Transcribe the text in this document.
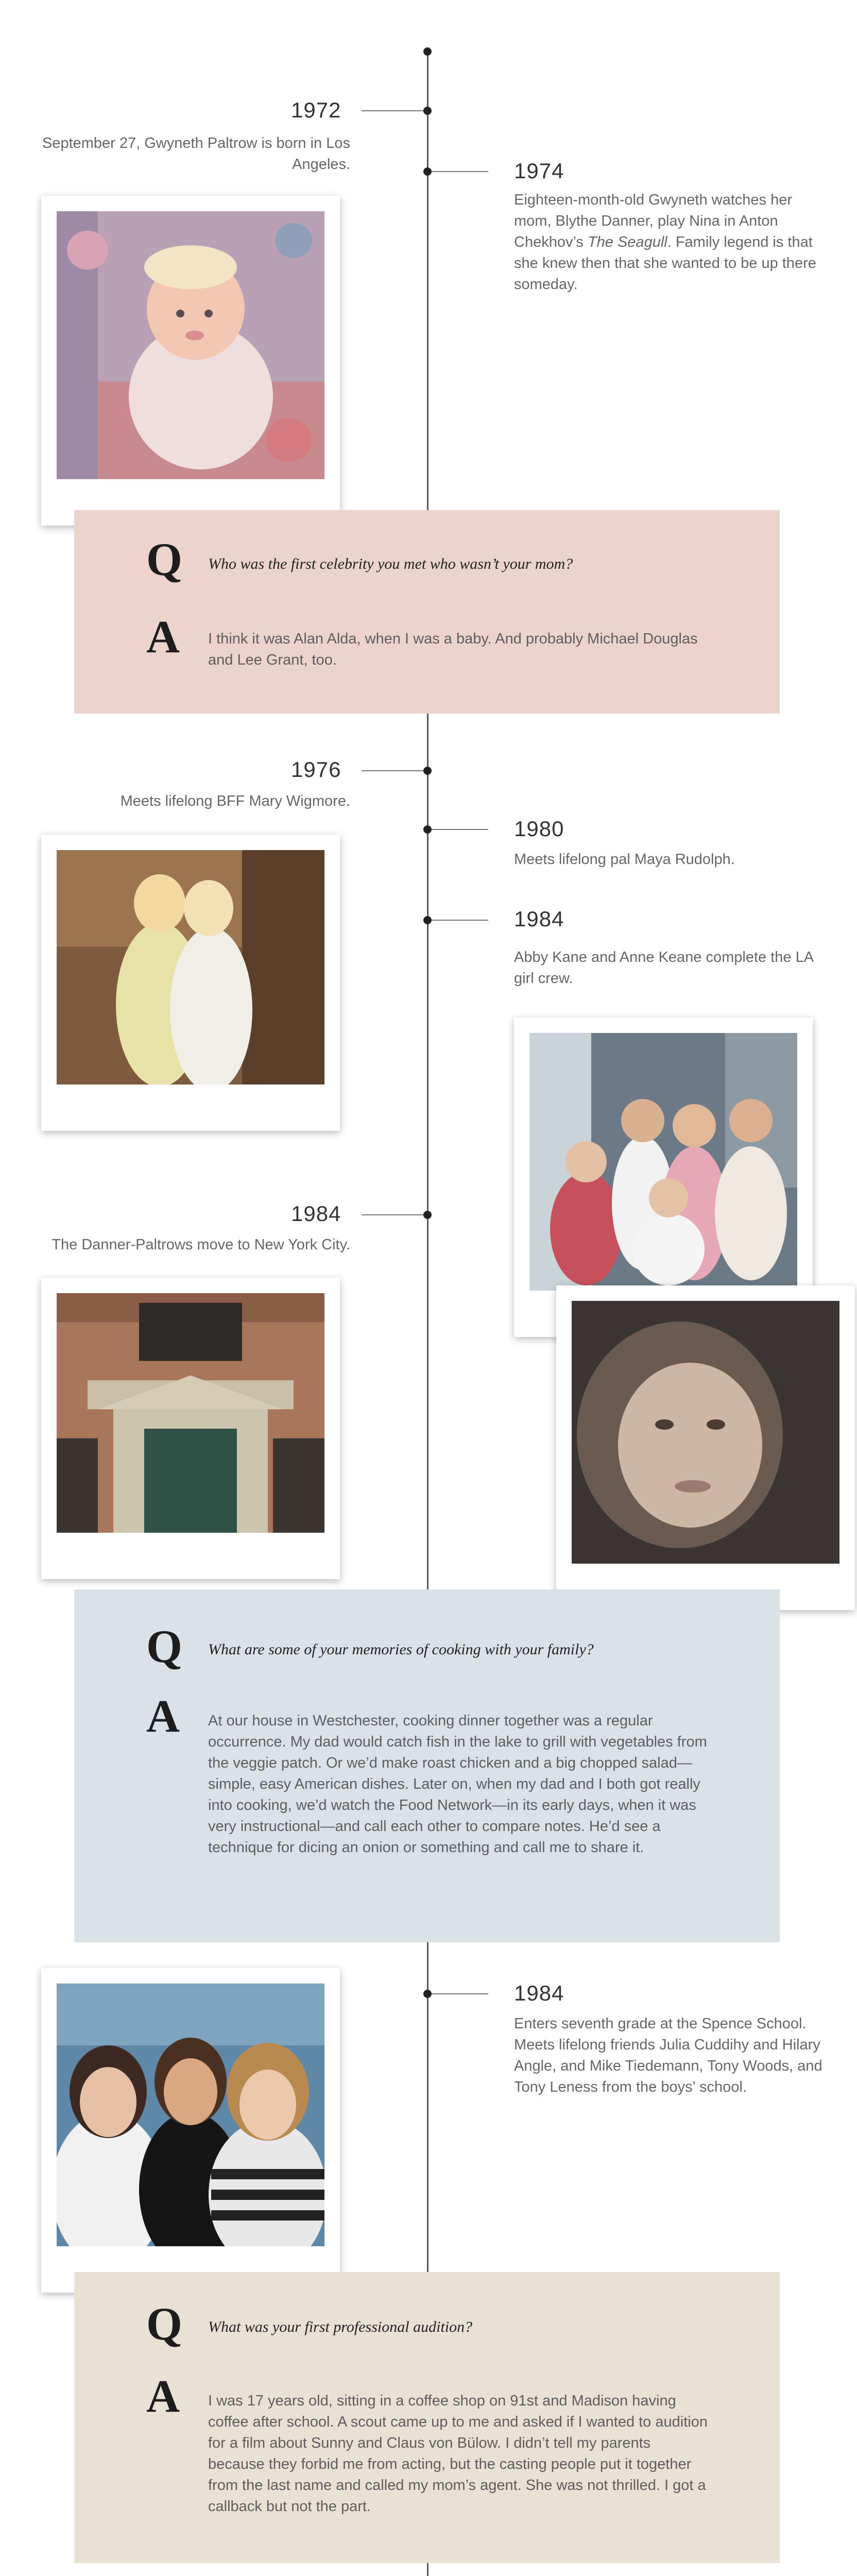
1972
September 27, Gwyneth Paltrow is born in Los Angeles.	1974
Eighteen-month-old Gwyneth watches her mom, Blythe Danner, play Nina in Anton Chekhov’s The Seagull. Family legend is that she knew then that she wanted to be up there someday.
Q Who was the first celebrity you met who wasn’t your mom?
A I think it was Alan Alda, when I was a baby. And probably Michael Douglas and Lee Grant, too.
1976
Meets lifelong BFF Mary Wigmore.
1980
Meets lifelong pal Maya Rudolph.
1984
Abby Kane and Anne Keane complete the LA girl crew.
1984
The Danner-Paltrows move to New York City.
Q What are some of your memories of cooking with your family?
A At our house in Westchester, cooking dinner together was a regular occurrence. My dad would catch fish in the lake to grill with vegetables from the veggie patch. Or we’d make roast chicken and a big chopped salad—simple, easy American dishes. Later on, when my dad and I both got really into cooking, we’d watch the Food Network—in its early days, when it was very instructional—and call each other to compare notes. He’d see a technique for dicing an onion or something and call me to share it.
1984
Enters seventh grade at the Spence School. Meets lifelong friends Julia Cuddihy and Hilary Angle, and Mike Tiedemann, Tony Woods, and Tony Leness from the boys’ school.
Q What was your first professional audition?
A I was 17 years old, sitting in a coffee shop on 91st and Madison having coffee after school. A scout came up to me and asked if I wanted to audition for a film about Sunny and Claus von Bülow. I didn’t tell my parents because they forbid me from acting, but the casting people put it together from the last name and called my mom’s agent. She was not thrilled. I got a callback but not the part.
